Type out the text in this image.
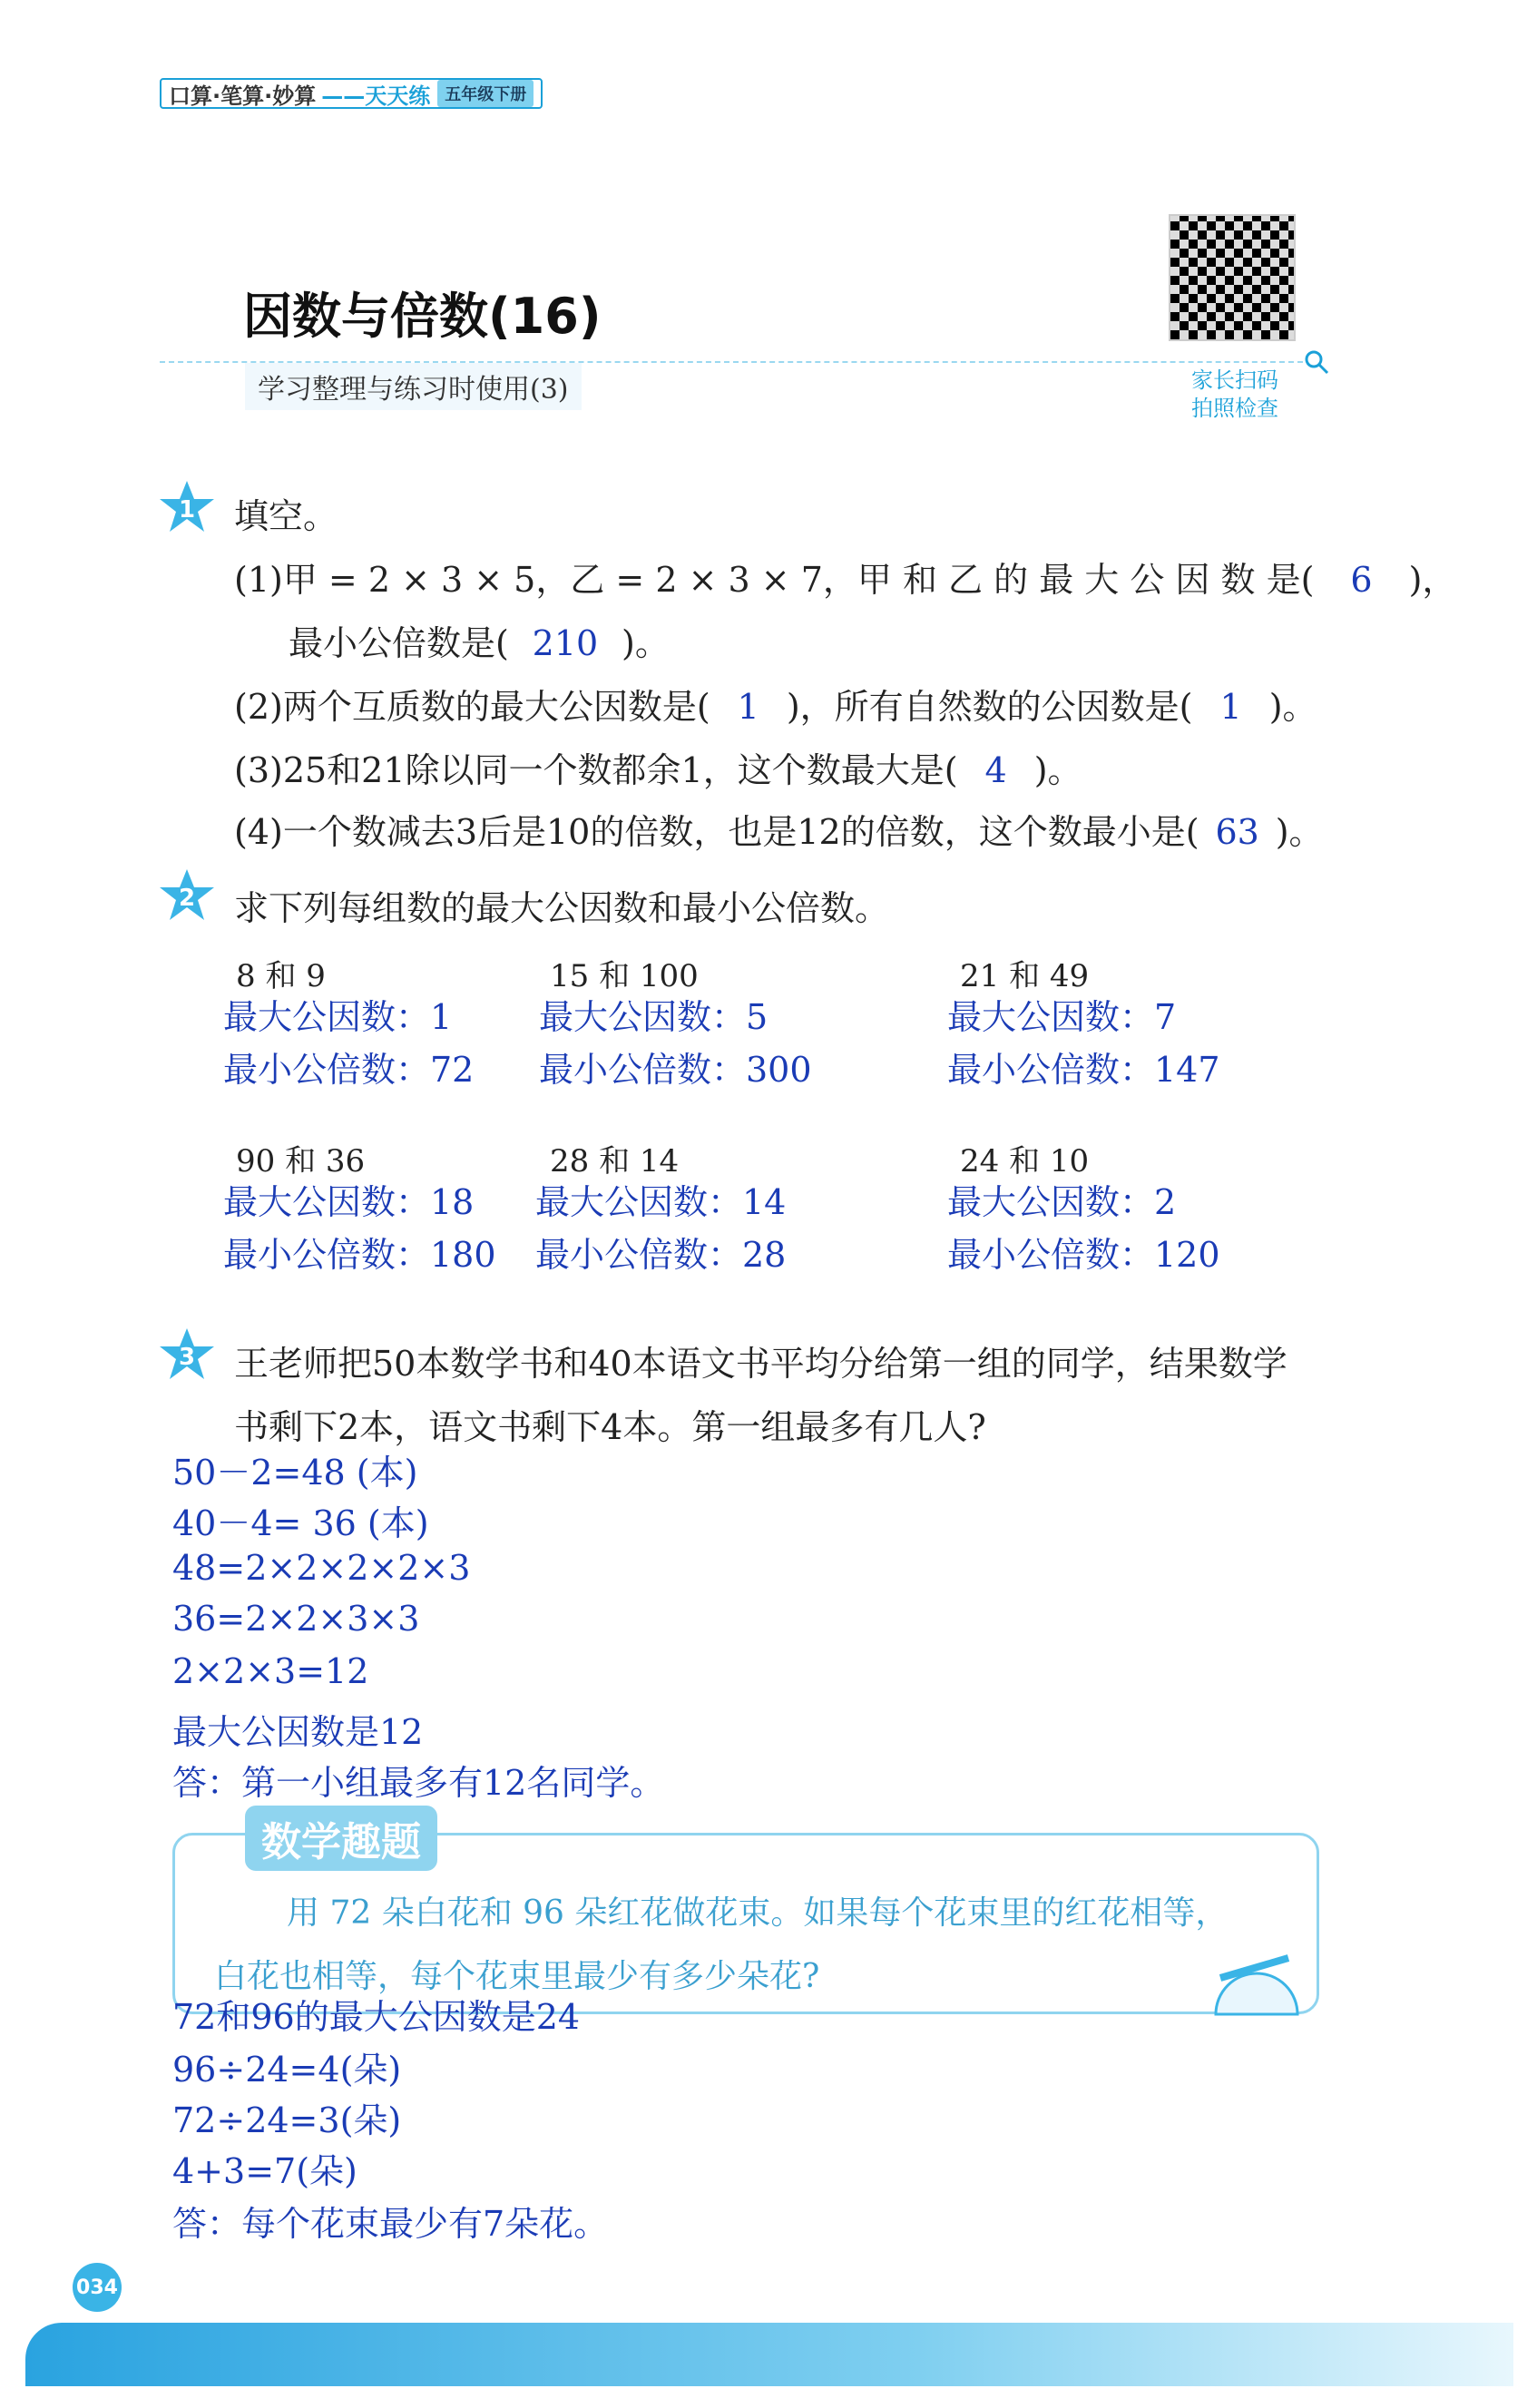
口算·笔算·妙算 ——天天练 五年级下册
因数与倍数(16)
学习整理与练习时使用(3)	家长扫码
拍照检查
1 填空。
(1)甲 = 2 × 3 × 5，乙 = 2 × 3 × 7，甲 和 乙 的 最 大 公 因 数 是( 6 )，
最小公倍数是( 210 )。
(2)两个互质数的最大公因数是( 1 )，所有自然数的公因数是( 1 )。
(3)25和21除以同一个数都余1，这个数最大是( 4 )。
(4)一个数减去3后是10的倍数，也是12的倍数，这个数最小是( 63 )。
2 求下列每组数的最大公因数和最小公倍数。
8 和 9
最大公因数：1
最小公倍数：72
15 和 100
最大公因数：5
最小公倍数：300
21 和 49
最大公因数：7
最小公倍数：147
90 和 36
最大公因数：18
最小公倍数：180
28 和 14
最大公因数：14
最小公倍数：28
24 和 10
最大公因数：2
最小公倍数：120
3 王老师把50本数学书和40本语文书平均分给第一组的同学，结果数学
书剩下2本，语文书剩下4本。第一组最多有几人?
50－2=48 (本)
40－4= 36 (本)
48=2×2×2×2×3
36=2×2×3×3
2×2×3=12
最大公因数是12
答：第一小组最多有12名同学。
数学趣题
用 72 朵白花和 96 朵红花做花束。如果每个花束里的红花相等，
白花也相等，每个花束里最少有多少朵花?
72和96的最大公因数是24
96÷24=4(朵)
72÷24=3(朵)
4+3=7(朵)
答：每个花束最少有7朵花。
034
